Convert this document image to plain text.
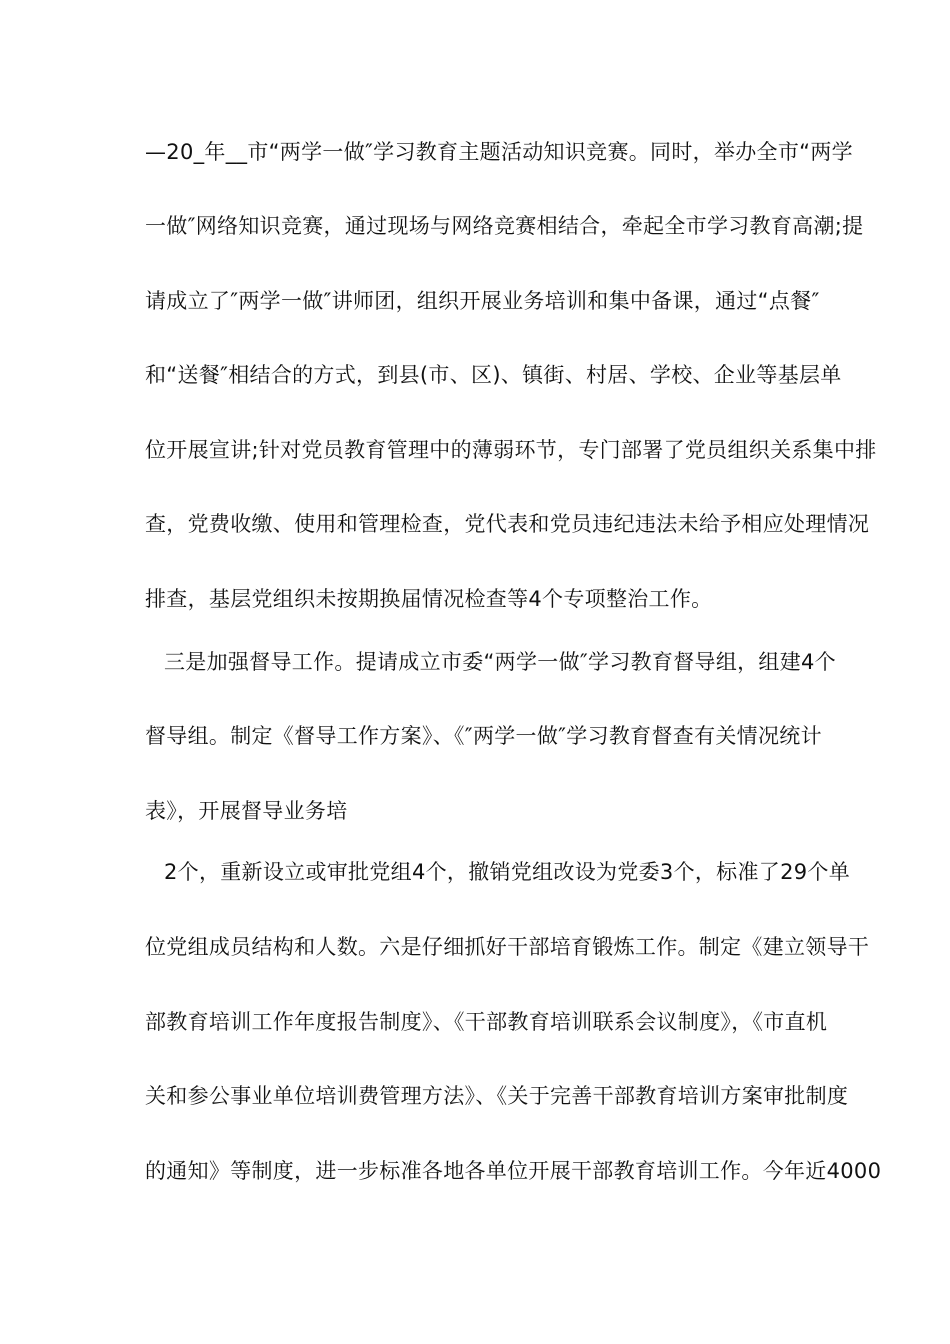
—20_年__市“两学一做″学习教育主题活动知识竞赛。同时，举办全市“两学
一做″网络知识竞赛，通过现场与网络竞赛相结合，牵起全市学习教育高潮;提
请成立了″两学一做″讲师团，组织开展业务培训和集中备课，通过“点餐″
和“送餐″相结合的方式，到县(市、区)、镇街、村居、学校、企业等基层单
位开展宣讲;针对党员教育管理中的薄弱环节，专门部署了党员组织关系集中排
查，党费收缴、使用和管理检查，党代表和党员违纪违法未给予相应处理情况
排查，基层党组织未按期换届情况检查等4个专项整治工作。
三是加强督导工作。提请成立市委“两学一做″学习教育督导组，组建4个
督导组。制定《督导工作方案》、《″两学一做″学习教育督查有关情况统计
表》，开展督导业务培
2个，重新设立或审批党组4个，撤销党组改设为党委3个，标准了29个单
位党组成员结构和人数。六是仔细抓好干部培育锻炼工作。制定《建立领导干
部教育培训工作年度报告制度》、《干部教育培训联系会议制度》，《市直机
关和参公事业单位培训费管理方法》、《关于完善干部教育培训方案审批制度
的通知》等制度，进一步标准各地各单位开展干部教育培训工作。今年近4000
